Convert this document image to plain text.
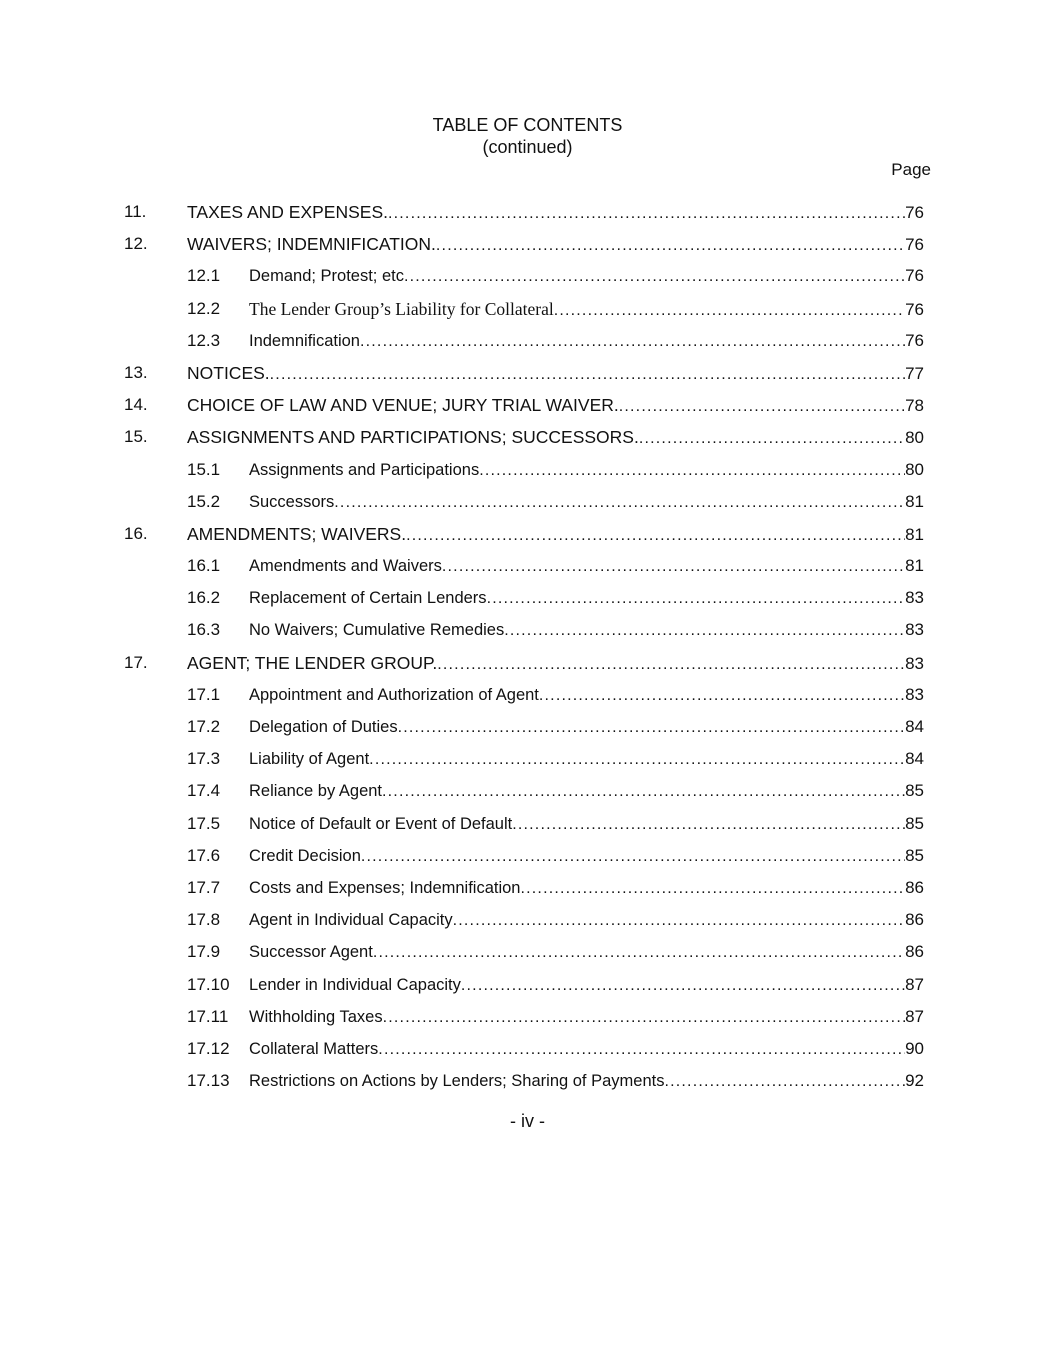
TABLE OF CONTENTS
(continued)
Page
11. TAXES AND EXPENSES. .....	76
12. WAIVERS; INDEMNIFICATION. .....	76
12.1 Demand; Protest; etc .....	76
12.2 The Lender Group’s Liability for Collateral .....	76
12.3 Indemnification .....	76
13. NOTICES. .....	77
14. CHOICE OF LAW AND VENUE; JURY TRIAL WAIVER. .....	78
15. ASSIGNMENTS AND PARTICIPATIONS; SUCCESSORS. .....	80
15.1 Assignments and Participations .....	80
15.2 Successors .....	81
16. AMENDMENTS; WAIVERS. .....	81
16.1 Amendments and Waivers .....	81
16.2 Replacement of Certain Lenders .....	83
16.3 No Waivers; Cumulative Remedies .....	83
17. AGENT; THE LENDER GROUP. .....	83
17.1 Appointment and Authorization of Agent .....	83
17.2 Delegation of Duties .....	84
17.3 Liability of Agent .....	84
17.4 Reliance by Agent .....	85
17.5 Notice of Default or Event of Default .....	85
17.6 Credit Decision .....	85
17.7 Costs and Expenses; Indemnification .....	86
17.8 Agent in Individual Capacity .....	86
17.9 Successor Agent .....	86
17.10 Lender in Individual Capacity .....	87
17.11 Withholding Taxes .....	87
17.12 Collateral Matters .....	90
17.13 Restrictions on Actions by Lenders; Sharing of Payments .....	92
- iv -
